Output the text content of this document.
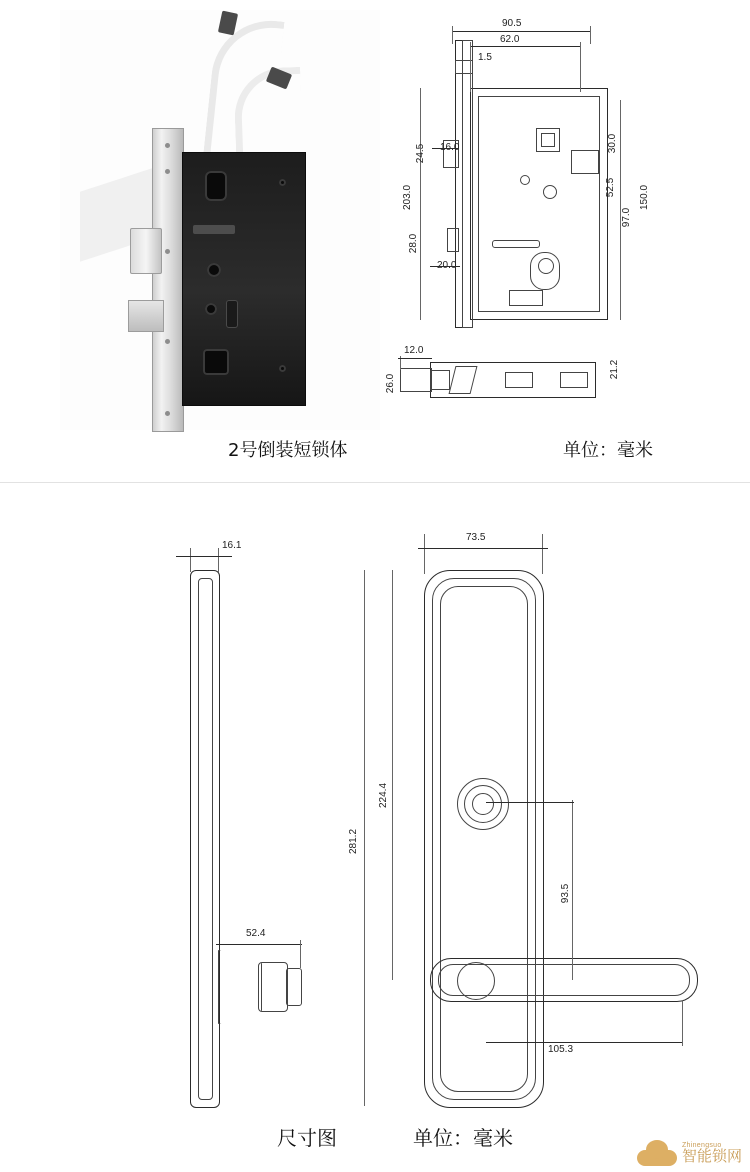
2号倒装短锁体	单位：毫米
90.5
62.0
1.5
203.0
24.5 16.0
28.0
20.0
30.0
52.5
97.0
150.0
12.0
26.0
21.2
16.1
52.4
73.5
224.4
281.2
93.5
105.3
尺寸图	单位：毫米	Zhinengsuo
智能锁网
